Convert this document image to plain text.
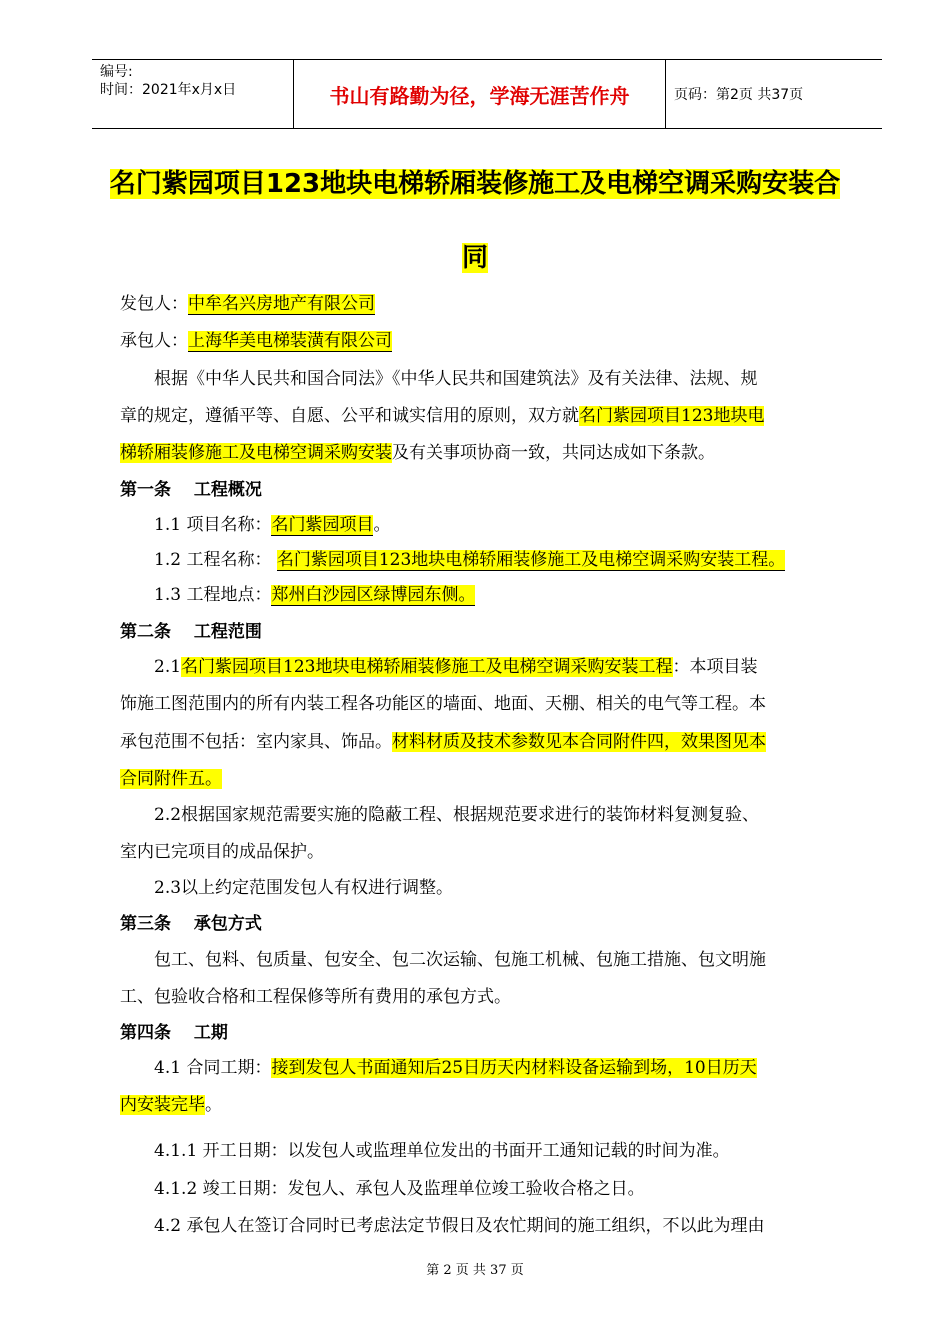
编号:
时间：2021年x月x日	书山有路勤为径，学海无涯苦作舟	页码：第2页 共37页
名门紫园项目123地块电梯轿厢装修施工及电梯空调采购安装合
同
发包人：中牟名兴房地产有限公司
承包人：上海华美电梯装潢有限公司
　　根据《中华人民共和国合同法》《中华人民共和国建筑法》及有关法律、法规、规
章的规定，遵循平等、自愿、公平和诚实信用的原则，双方就名门紫园项目123地块电
梯轿厢装修施工及电梯空调采购安装及有关事项协商一致，共同达成如下条款。
第一条　 工程概况
　　1.1 项目名称：名门紫园项目。
　　1.2 工程名称： 名门紫园项目123地块电梯轿厢装修施工及电梯空调采购安装工程。
　　1.3 工程地点：郑州白沙园区绿博园东侧。
第二条　 工程范围
　　2.1名门紫园项目123地块电梯轿厢装修施工及电梯空调采购安装工程：本项目装
饰施工图范围内的所有内装工程各功能区的墙面、地面、天棚、相关的电气等工程。本
承包范围不包括：室内家具、饰品。材料材质及技术参数见本合同附件四，效果图见本
合同附件五。
　　2.2根据国家规范需要实施的隐蔽工程、根据规范要求进行的装饰材料复测复验、
室内已完项目的成品保护。
　　2.3以上约定范围发包人有权进行调整。
第三条　 承包方式
　　包工、包料、包质量、包安全、包二次运输、包施工机械、包施工措施、包文明施
工、包验收合格和工程保修等所有费用的承包方式。
第四条　 工期
　　4.1 合同工期：接到发包人书面通知后25日历天内材料设备运输到场，10日历天
内安装完毕。
　　4.1.1 开工日期：以发包人或监理单位发出的书面开工通知记载的时间为准。
　　4.1.2 竣工日期：发包人、承包人及监理单位竣工验收合格之日。
　　4.2 承包人在签订合同时已考虑法定节假日及农忙期间的施工组织，不以此为理由
第 2 页 共 37 页
